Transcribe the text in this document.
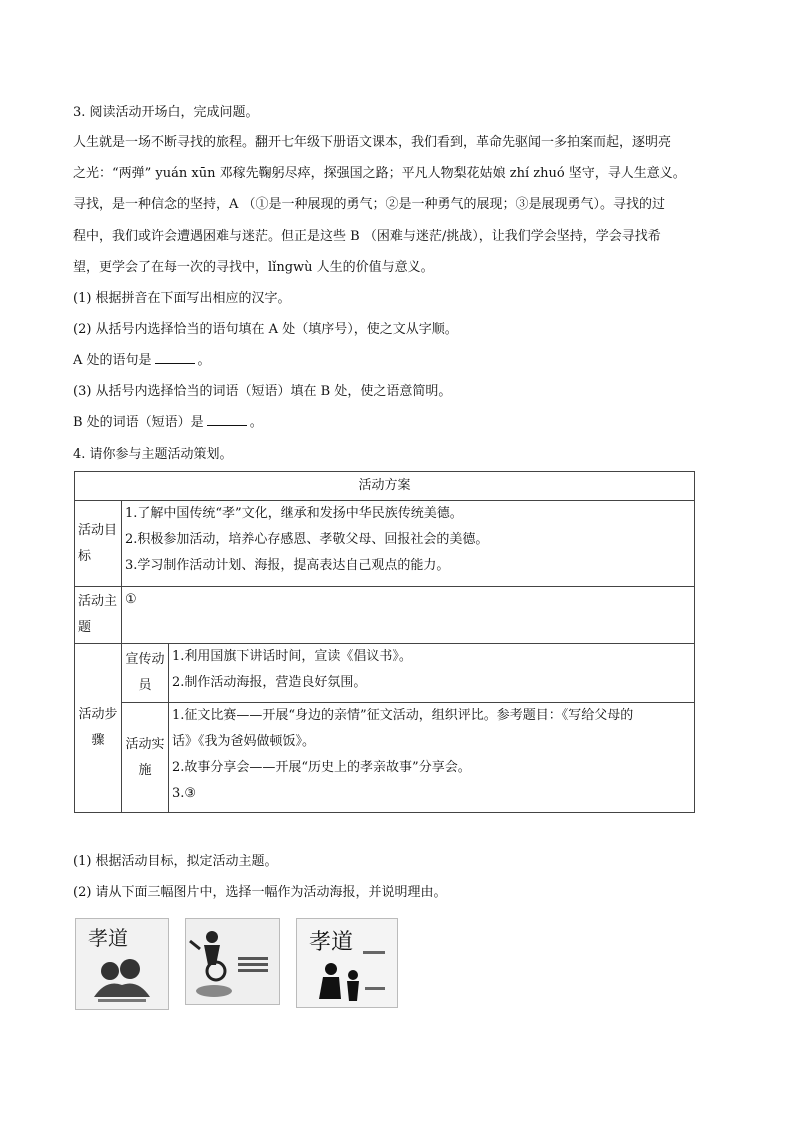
3. 阅读活动开场白，完成问题。
人生就是一场不断寻找的旅程。翻开七年级下册语文课本，我们看到，革命先驱闻一多拍案而起，逐明亮
之光：“两弹” yuán xūn 邓稼先鞠躬尽瘁，探强国之路；平凡人物梨花姑娘 zhí zhuó 坚守，寻人生意义。
寻找，是一种信念的坚持，A （①是一种展现的勇气；②是一种勇气的展现；③是展现勇气）。寻找的过
程中，我们或许会遭遇困难与迷茫。但正是这些 B （困难与迷茫/挑战），让我们学会坚持，学会寻找希
望，更学会了在每一次的寻找中，lǐngwù 人生的价值与意义。
(1) 根据拼音在下面写出相应的汉字。
(2) 从括号内选择恰当的语句填在 A 处（填序号），使之文从字顺。
A 处的语句是	。
(3) 从括号内选择恰当的词语（短语）填在 B 处，使之语意简明。
B 处的词语（短语）是	。
4. 请你参与主题活动策划。
活动方案		
活动目标	1.了解中国传统“孝”文化，继承和发扬中华民族传统美德。
2.积极参加活动，培养心存感恩、孝敬父母、回报社会的美德。
3.学习制作活动计划、海报，提高表达自己观点的能力。	

活动主题	①	
活动步骤	宣传动员	1.利用国旗下讲话时间，宣读《倡议书》。
2.制作活动海报，营造良好氛围。

	活动实施	1.征文比赛——开展“身边的亲情”征文活动，组织评比。参考题目：《写给父母的
话》《我为爸妈做顿饭》。
2.故事分享会——开展“历史上的孝亲故事”分享会。
3.③
(1) 根据活动目标，拟定活动主题。
(2) 请从下面三幅图片中，选择一幅作为活动海报，并说明理由。
孝道	孝道
